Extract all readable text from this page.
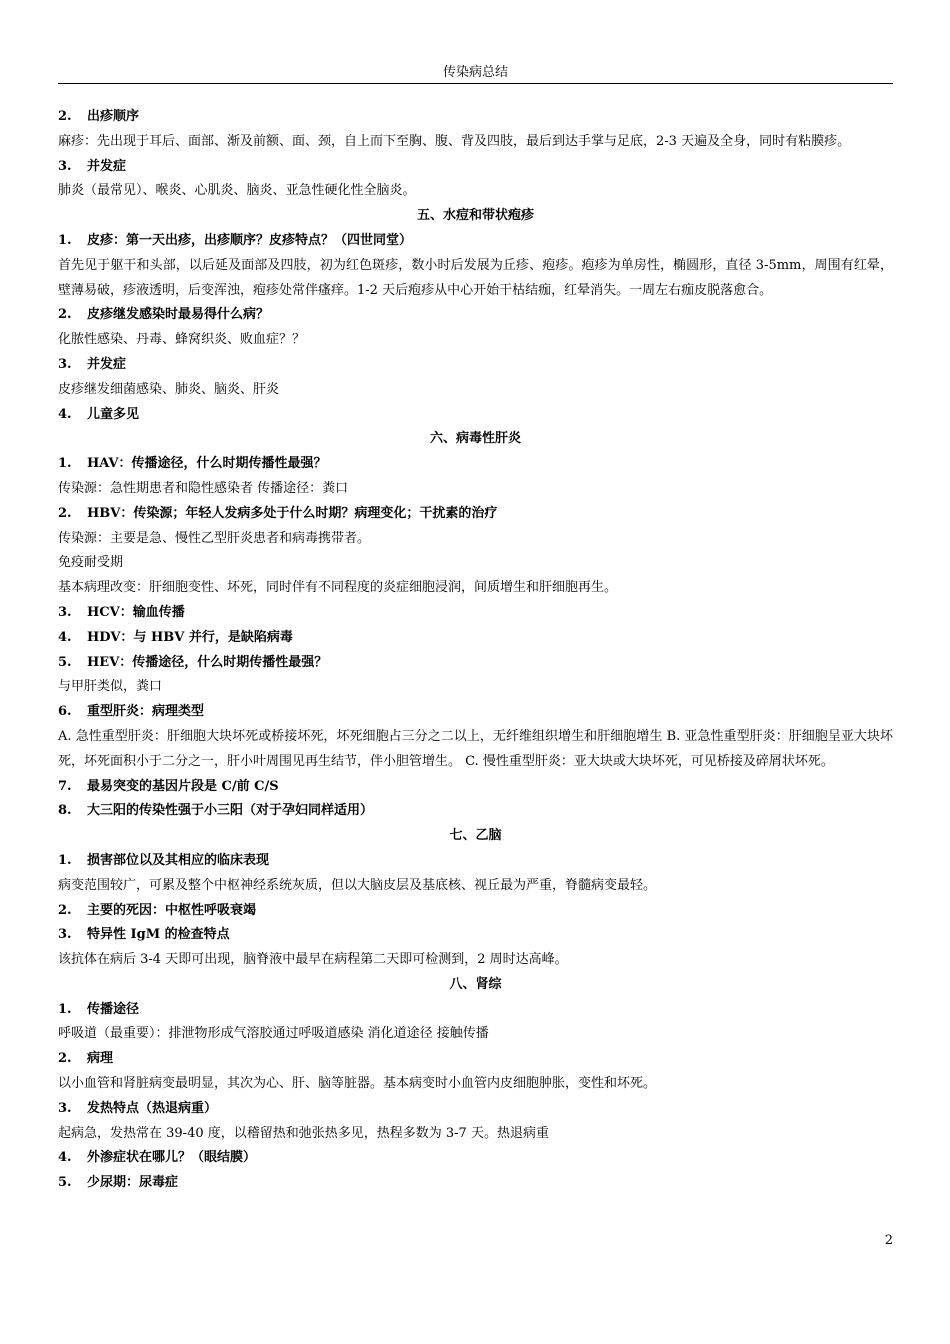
传染病总结
2. 出疹顺序
麻疹：先出现于耳后、面部、渐及前额、面、颈，自上而下至胸、腹、背及四肢，最后到达手掌与足底，2-3 天遍及全身，同时有粘膜疹。
3. 并发症
肺炎（最常见）、喉炎、心肌炎、脑炎、亚急性硬化性全脑炎。
五、水痘和带状疱疹
1. 皮疹：第一天出疹，出疹顺序？皮疹特点？（四世同堂）
首先见于躯干和头部，以后延及面部及四肢，初为红色斑疹，数小时后发展为丘疹、疱疹。疱疹为单房性，椭圆形，直径 3-5mm，周围有红晕，壁薄易破，疹液透明，后变浑浊，疱疹处常伴瘙痒。1-2 天后疱疹从中心开始干枯结痂，红晕消失。一周左右痂皮脱落愈合。
2. 皮疹继发感染时最易得什么病？
化脓性感染、丹毒、蜂窝织炎、败血症？？
3. 并发症
皮疹继发细菌感染、肺炎、脑炎、肝炎
4. 儿童多见
六、病毒性肝炎
1. HAV：传播途径，什么时期传播性最强？
传染源：急性期患者和隐性感染者 传播途径：粪口
2. HBV：传染源；年轻人发病多处于什么时期？病理变化；干扰素的治疗
传染源：主要是急、慢性乙型肝炎患者和病毒携带者。
免疫耐受期
基本病理改变：肝细胞变性、坏死，同时伴有不同程度的炎症细胞浸润，间质增生和肝细胞再生。
3. HCV：输血传播
4. HDV：与 HBV 并行，是缺陷病毒
5. HEV：传播途径，什么时期传播性最强？
与甲肝类似，粪口
6. 重型肝炎：病理类型
A. 急性重型肝炎：肝细胞大块坏死或桥接坏死，坏死细胞占三分之二以上，无纤维组织增生和肝细胞增生 B. 亚急性重型肝炎：肝细胞呈亚大块坏死，坏死面积小于二分之一，肝小叶周围见再生结节，伴小胆管增生。 C. 慢性重型肝炎：亚大块或大块坏死，可见桥接及碎屑状坏死。
7. 最易突变的基因片段是 C/前 C/S
8. 大三阳的传染性强于小三阳（对于孕妇同样适用）
七、乙脑
1. 损害部位以及其相应的临床表现
病变范围较广，可累及整个中枢神经系统灰质，但以大脑皮层及基底核、视丘最为严重，脊髓病变最轻。
2. 主要的死因：中枢性呼吸衰竭
3. 特异性 IgM 的检查特点
该抗体在病后 3-4 天即可出现，脑脊液中最早在病程第二天即可检测到，2 周时达高峰。
八、肾综
1. 传播途径
呼吸道（最重要）：排泄物形成气溶胶通过呼吸道感染 消化道途径 接触传播
2. 病理
以小血管和肾脏病变最明显，其次为心、肝、脑等脏器。基本病变时小血管内皮细胞肿胀，变性和坏死。
3. 发热特点（热退病重）
起病急，发热常在 39-40 度，以稽留热和弛张热多见，热程多数为 3-7 天。热退病重
4. 外渗症状在哪儿？（眼结膜）
5. 少尿期：尿毒症
2
